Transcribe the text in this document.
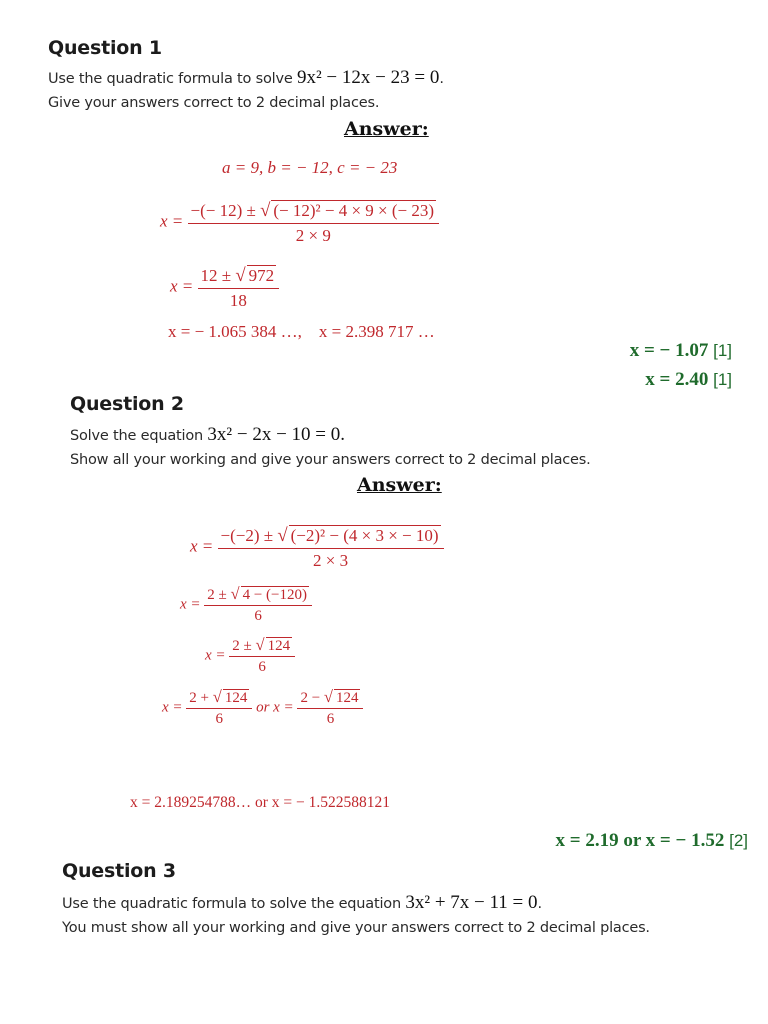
Question 1
Use the quadratic formula to solve 9x² − 12x − 23 = 0.
Give your answers correct to 2 decimal places.
Answer:
a = 9, b = − 12, c = − 23
$x = \frac{\text{−(− 12) ± √ (− 12)² − 4 × 9 × (− 23)}}{2 \times 9}$
$x = \frac{12 \pm √ 972}{18}$
x = − 1.065 384 …,    x = 2.398 717 …
x = − 1.07 [1]
x = 2.40 [1]
Question 2
Solve the equation 3x² − 2x − 10 = 0.
Show all your working and give your answers correct to 2 decimal places.
Answer:
$x = \frac{\text{−(−2) ± √ (−2)² − (4 × 3 × − 10)}}{2 \times 3}$
$x = \frac{2 \pm √ 4 - (-120)}{6}$
$x = \frac{2 \pm √ 124}{6}$
$x = \frac{2 + √ 124}{6}$ or $x = \frac{2 - √ 124}{6}$
x = 2.189254788… or x = − 1.522588121
x = 2.19 or x = − 1.52 [2]
Question 3
Use the quadratic formula to solve the equation 3x² + 7x − 11 = 0.
You must show all your working and give your answers correct to 2 decimal places.
